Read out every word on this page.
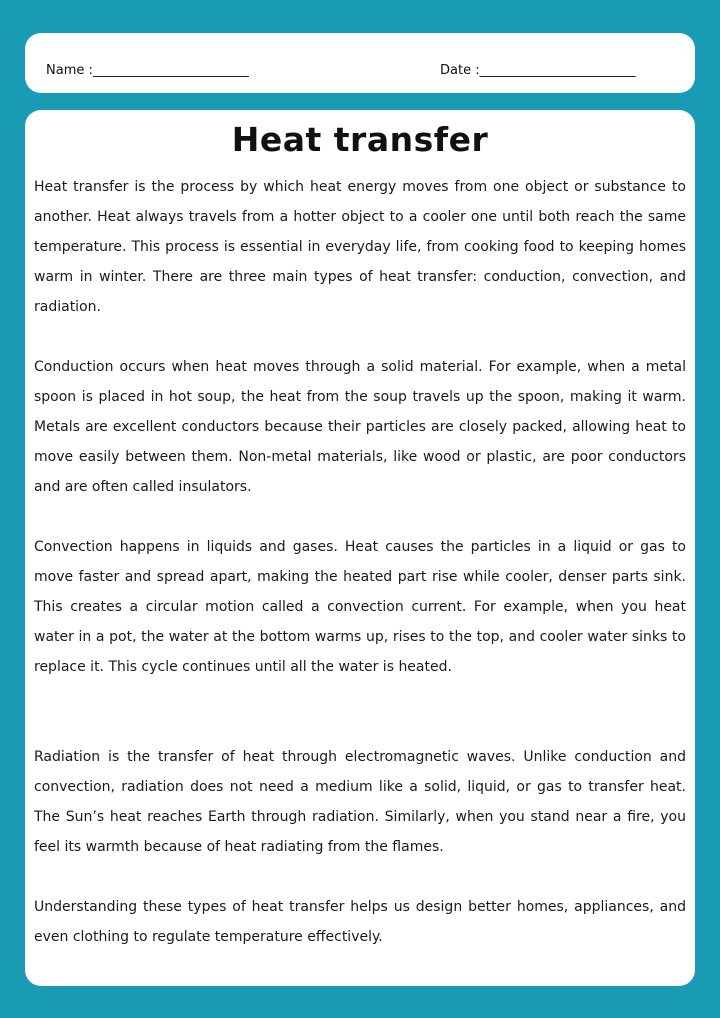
Name :________________________	Date :________________________
Heat transfer

Heat transfer is the process by which heat energy moves from one object or substance to another. Heat always travels from a hotter object to a cooler one until both reach the same temperature. This process is essential in everyday life, from cooking food to keeping homes warm in winter. There are three main types of heat transfer: conduction, convection, and radiation.

Conduction occurs when heat moves through a solid material. For example, when a metal spoon is placed in hot soup, the heat from the soup travels up the spoon, making it warm. Metals are excellent conductors because their particles are closely packed, allowing heat to move easily between them. Non-metal materials, like wood or plastic, are poor conductors and are often called insulators.

Convection happens in liquids and gases. Heat causes the particles in a liquid or gas to move faster and spread apart, making the heated part rise while cooler, denser parts sink. This creates a circular motion called a convection current. For example, when you heat water in a pot, the water at the bottom warms up, rises to the top, and cooler water sinks to replace it. This cycle continues until all the water is heated.

Radiation is the transfer of heat through electromagnetic waves. Unlike conduction and convection, radiation does not need a medium like a solid, liquid, or gas to transfer heat. The Sun’s heat reaches Earth through radiation. Similarly, when you stand near a fire, you feel its warmth because of heat radiating from the flames.

Understanding these types of heat transfer helps us design better homes, appliances, and even clothing to regulate temperature effectively.
